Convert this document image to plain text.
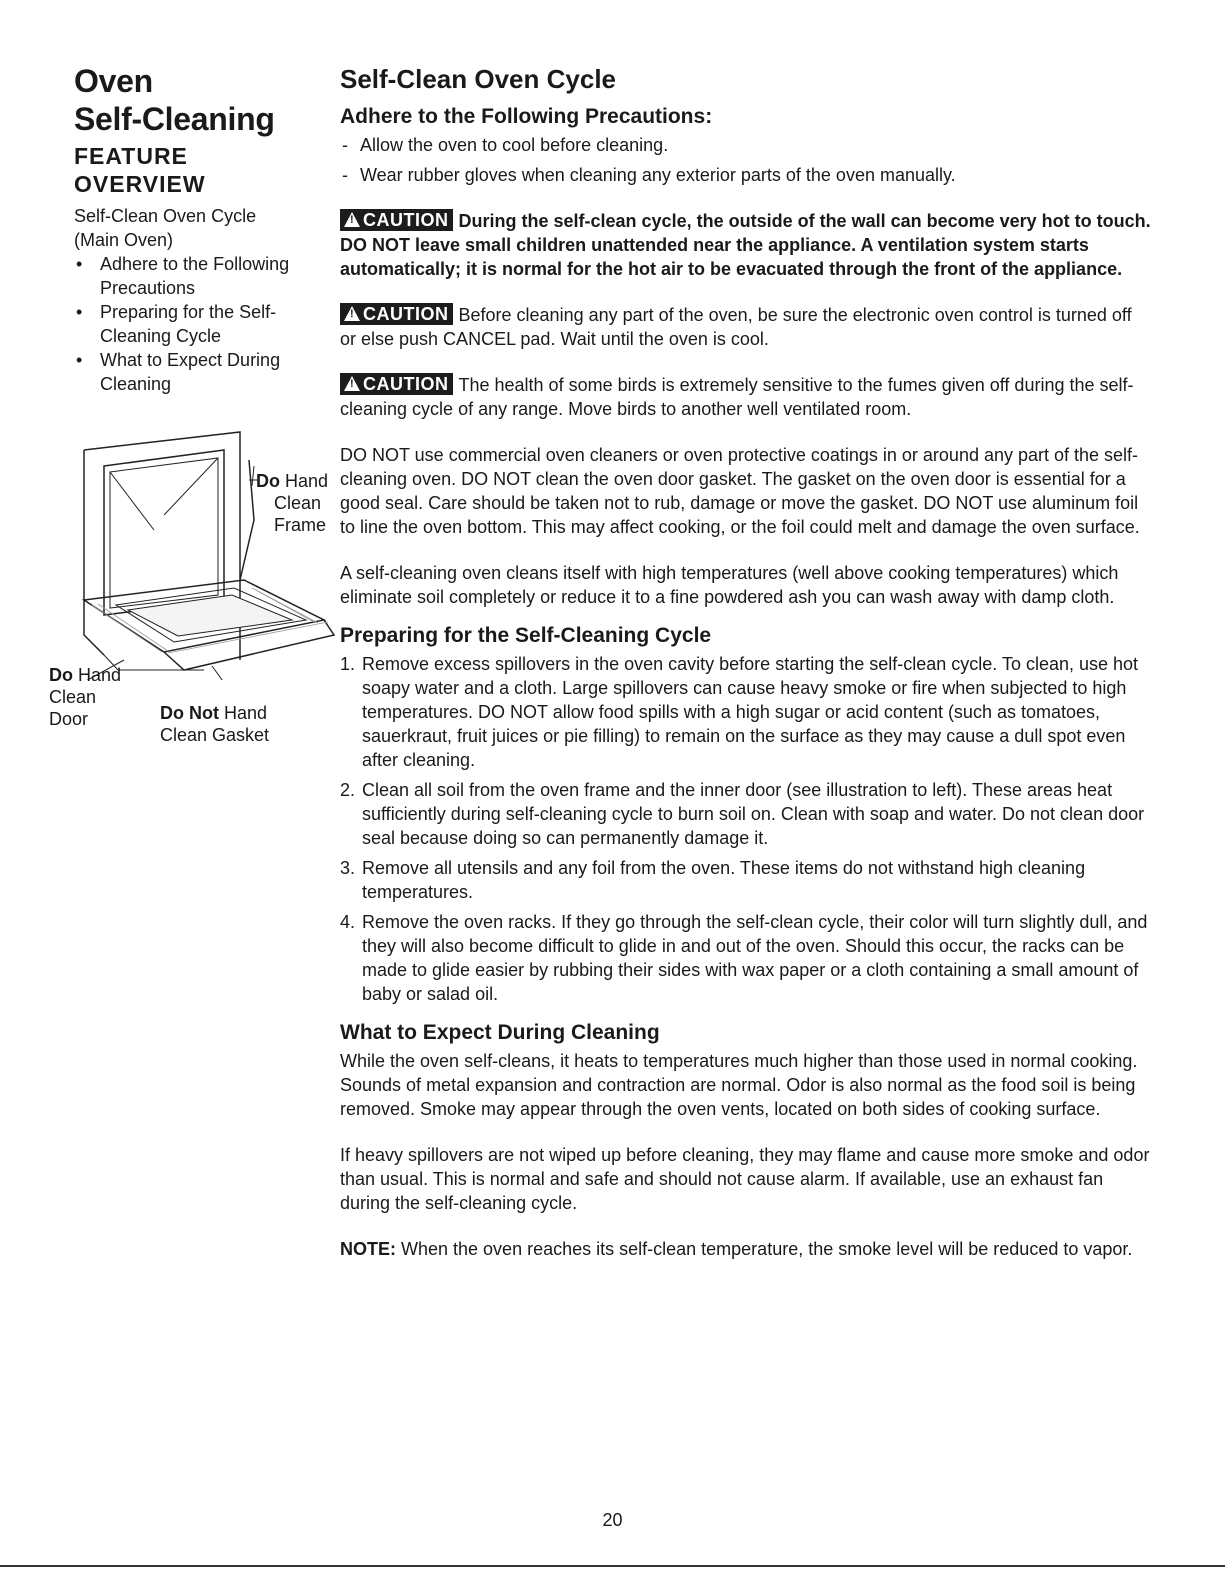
Oven
Self-Cleaning
FEATURE
OVERVIEW
Self-Clean Oven Cycle
(Main Oven)
• Adhere to the Following
Precautions
• Preparing for the Self-
Cleaning Cycle
• What to Expect During
Cleaning
Do Hand
Clean
Frame
Do Hand
Clean
Door	Do Not Hand
Clean Gasket
Self-Clean Oven Cycle
Adhere to the Following Precautions:
- Allow the oven to cool before cleaning.
- Wear rubber gloves when cleaning any exterior parts of the oven manually.

!CAUTION During the self-clean cycle, the outside of the wall can become very hot to touch. DO NOT leave small children unattended near the appliance. A ventilation system starts automatically; it is normal for the hot air to be evacuated through the front of the appliance.

!CAUTION Before cleaning any part of the oven, be sure the electronic oven control is turned off or else push CANCEL pad. Wait until the oven is cool.

!CAUTION The health of some birds is extremely sensitive to the fumes given off during the self-cleaning cycle of any range. Move birds to another well ventilated room.

DO NOT use commercial oven cleaners or oven protective coatings in or around any part of the self-cleaning oven. DO NOT clean the oven door gasket. The gasket on the oven door is essential for a good seal. Care should be taken not to rub, damage or move the gasket. DO NOT use aluminum foil to line the oven bottom. This may affect cooking, or the foil could melt and damage the oven surface.

A self-cleaning oven cleans itself with high temperatures (well above cooking temperatures) which eliminate soil completely or reduce it to a fine powdered ash you can wash away with damp cloth.

Preparing for the Self-Cleaning Cycle
1. Remove excess spillovers in the oven cavity before starting the self-clean cycle. To clean, use hot soapy water and a cloth. Large spillovers can cause heavy smoke or fire when subjected to high temperatures. DO NOT allow food spills with a high sugar or acid content (such as tomatoes, sauerkraut, fruit juices or pie filling) to remain on the surface as they may cause a dull spot even after cleaning.
2. Clean all soil from the oven frame and the inner door (see illustration to left). These areas heat sufficiently during self-cleaning cycle to burn soil on. Clean with soap and water. Do not clean door seal because doing so can permanently damage it.
3. Remove all utensils and any foil from the oven. These items do not withstand high cleaning temperatures.
4. Remove the oven racks. If they go through the self-clean cycle, their color will turn slightly dull, and they will also become difficult to glide in and out of the oven. Should this occur, the racks can be made to glide easier by rubbing their sides with wax paper or a cloth containing a small amount of baby or salad oil.
What to Expect During Cleaning

While the oven self-cleans, it heats to temperatures much higher than those used in normal cooking. Sounds of metal expansion and contraction are normal. Odor is also normal as the food soil is being removed. Smoke may appear through the oven vents, located on both sides of cooking surface.

If heavy spillovers are not wiped up before cleaning, they may flame and cause more smoke and odor than usual. This is normal and safe and should not cause alarm. If available, use an exhaust fan during the self-cleaning cycle.

NOTE: When the oven reaches its self-clean temperature, the smoke level will be reduced to vapor.

20
